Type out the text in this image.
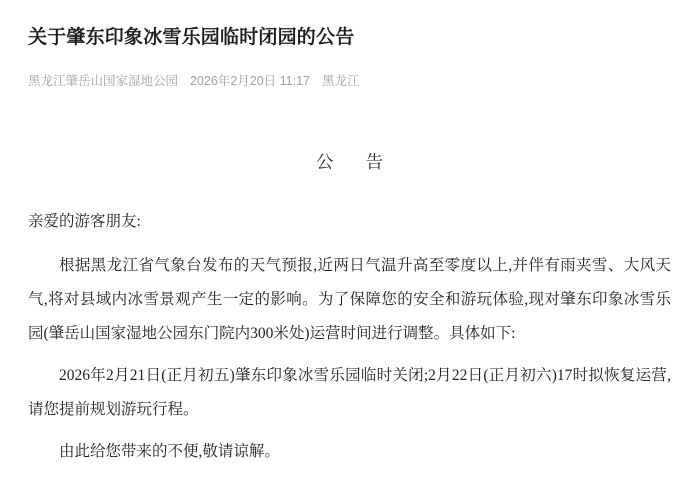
关于肇东印象冰雪乐园临时闭园的公告
黑龙江肇岳山国家湿地公园 2026年2月20日 11:17 黑龙江
公 告

亲爱的游客朋友:

根据黑龙江省气象台发布的天气预报,近两日气温升高至零度以上,并伴有雨夹雪、大风天气,将对县域内冰雪景观产生一定的影响。为了保障您的安全和游玩体验,现对肇东印象冰雪乐园(肇岳山国家湿地公园东门院内300米处)运营时间进行调整。具体如下:

2026年2月21日(正月初五)肇东印象冰雪乐园临时关闭;2月22日(正月初六)17时拟恢复运营,请您提前规划游玩行程。

由此给您带来的不便,敬请谅解。
